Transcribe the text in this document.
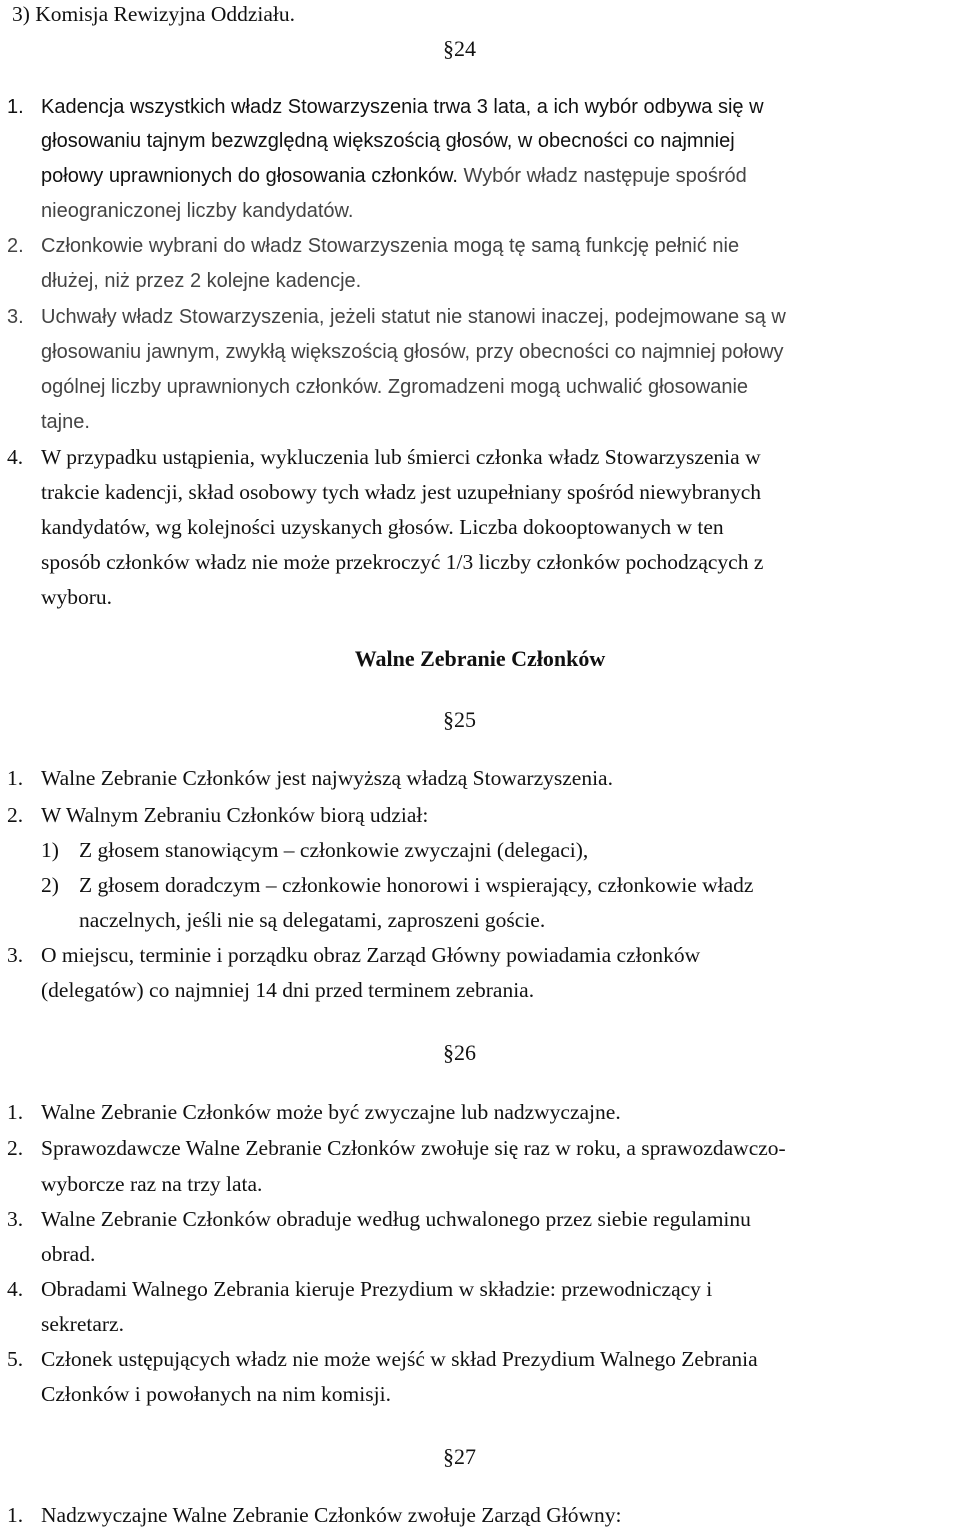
3) Komisja Rewizyjna Oddziału.
§24
1. Kadencja wszystkich władz Stowarzyszenia trwa 3 lata, a ich wybór odbywa się w
głosowaniu tajnym bezwzględną większością głosów, w obecności co najmniej
połowy uprawnionych do głosowania członków. Wybór władz następuje spośród
nieograniczonej liczby kandydatów.
2. Członkowie wybrani do władz Stowarzyszenia mogą tę samą funkcję pełnić nie
dłużej, niż przez 2 kolejne kadencje.
3. Uchwały władz Stowarzyszenia, jeżeli statut nie stanowi inaczej, podejmowane są w
głosowaniu jawnym, zwykłą większością głosów, przy obecności co najmniej połowy
ogólnej liczby uprawnionych członków. Zgromadzeni mogą uchwalić głosowanie
tajne.
4. W przypadku ustąpienia, wykluczenia lub śmierci członka władz Stowarzyszenia w
trakcie kadencji, skład osobowy tych władz jest uzupełniany spośród niewybranych
kandydatów, wg kolejności uzyskanych głosów. Liczba dokooptowanych w ten
sposób członków władz nie może przekroczyć 1/3 liczby członków pochodzących z
wyboru.
Walne Zebranie Członków
§25
1. Walne Zebranie Członków jest najwyższą władzą Stowarzyszenia.
2. W Walnym Zebraniu Członków biorą udział:
1) Z głosem stanowiącym – członkowie zwyczajni (delegaci),
2) Z głosem doradczym – członkowie honorowi i wspierający, członkowie władz
naczelnych, jeśli nie są delegatami, zaproszeni goście.
3. O miejscu, terminie i porządku obraz Zarząd Główny powiadamia członków
(delegatów) co najmniej 14 dni przed terminem zebrania.
§26
1. Walne Zebranie Członków może być zwyczajne lub nadzwyczajne.
2. Sprawozdawcze Walne Zebranie Członków zwołuje się raz w roku, a sprawozdawczo-
wyborcze raz na trzy lata.
3. Walne Zebranie Członków obraduje według uchwalonego przez siebie regulaminu
obrad.
4. Obradami Walnego Zebrania kieruje Prezydium w składzie: przewodniczący i
sekretarz.
5. Członek ustępujących władz nie może wejść w skład Prezydium Walnego Zebrania
Członków i powołanych na nim komisji.
§27
1. Nadzwyczajne Walne Zebranie Członków zwołuje Zarząd Główny:
